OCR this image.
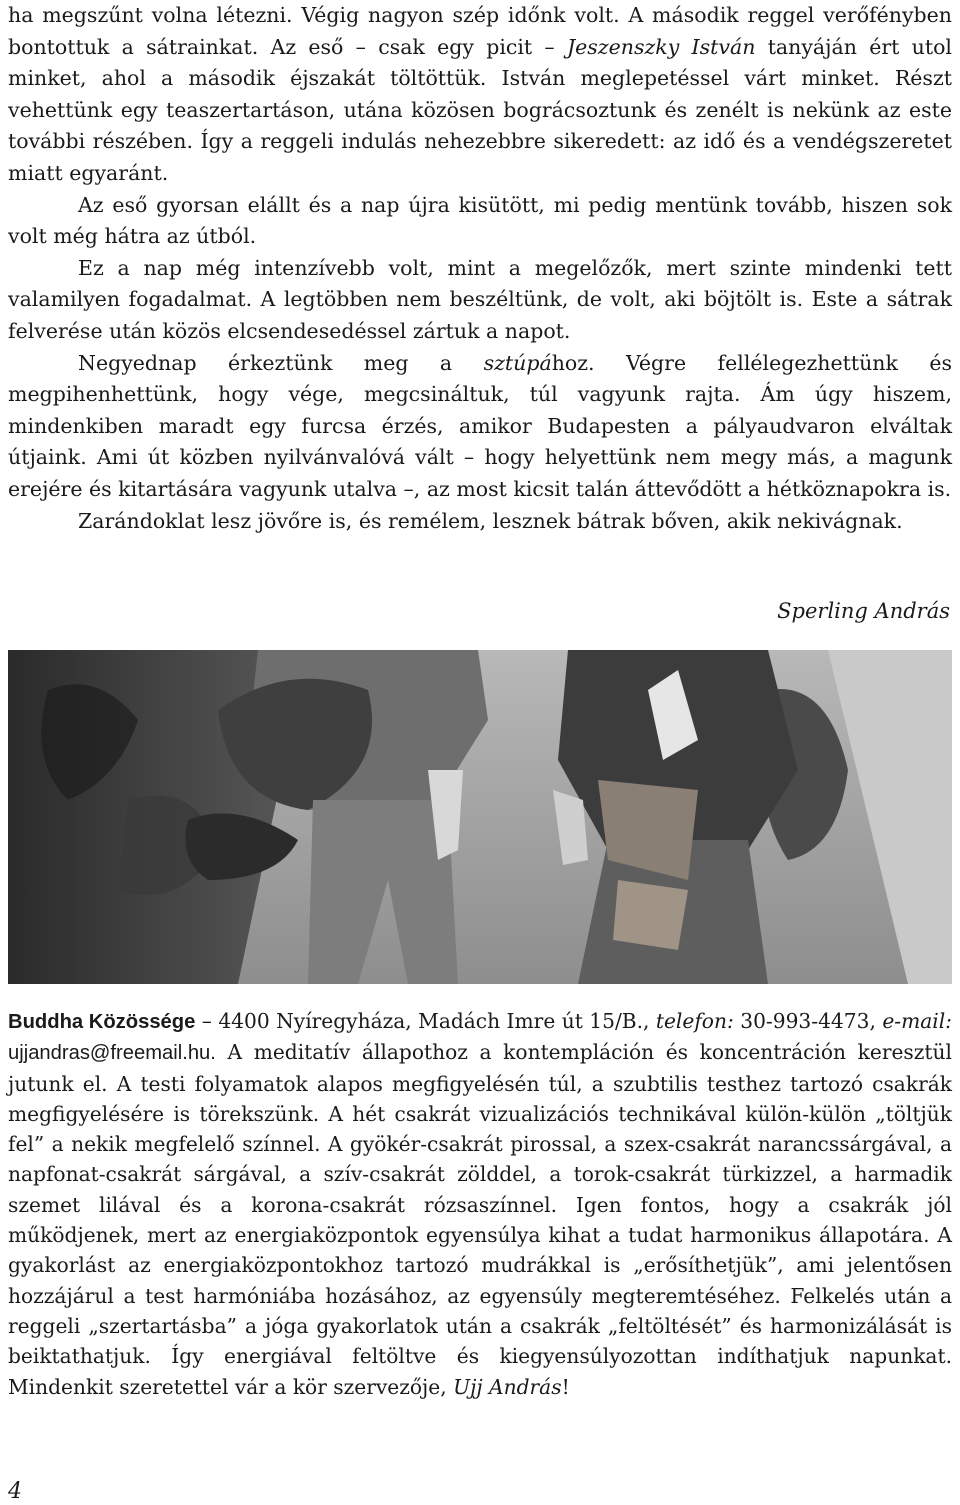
ha megszűnt volna létezni. Végig nagyon szép időnk volt. A második reggel verőfényben bontottuk a sátrainkat. Az eső – csak egy picit – Jeszenszky István tanyáján ért utol minket, ahol a második éjszakát töltöttük. István meglepetéssel várt minket. Részt vehettünk egy teaszertartáson, utána közösen bográcsoztunk és zenélt is nekünk az este további részében. Így a reggeli indulás nehezebbre sikeredett: az idő és a vendégszeretet miatt egyaránt.

Az eső gyorsan elállt és a nap újra kisütött, mi pedig mentünk tovább, hiszen sok volt még hátra az útból.

Ez a nap még intenzívebb volt, mint a megelőzők, mert szinte mindenki tett valamilyen fogadalmat. A legtöbben nem beszéltünk, de volt, aki böjtölt is. Este a sátrak felverése után közös elcsendesedéssel zártuk a napot.

Negyednap érkeztünk meg a sztúpához. Végre fellélegezhettünk és megpihenhettünk, hogy vége, megcsináltuk, túl vagyunk rajta. Ám úgy hiszem, mindenkiben maradt egy furcsa érzés, amikor Budapesten a pályaudvaron elváltak útjaink. Ami út közben nyilvánvalóvá vált – hogy helyettünk nem megy más, a magunk erejére és kitartására vagyunk utalva –, az most kicsit talán áttevődött a hétköznapokra is.

Zarándoklat lesz jövőre is, és remélem, lesznek bátrak bőven, akik nekivágnak.

Sperling András

Buddha Közössége – 4400 Nyíregyháza, Madách Imre út 15/B., telefon: 30-993-4473, e-mail: ujjandras@freemail.hu. A meditatív állapothoz a kontempláción és koncentráción keresztül jutunk el. A testi folyamatok alapos megfigyelésén túl, a szubtilis testhez tartozó csakrák megfigyelésére is törekszünk. A hét csakrát vizualizációs technikával külön-külön „töltjük fel” a nekik megfelelő színnel. A gyökér-csakrát pirossal, a szex-csakrát narancssárgával, a napfonat-csakrát sárgával, a szív-csakrát zölddel, a torok-csakrát türkizzel, a harmadik szemet lilával és a korona-csakrát rózsaszínnel. Igen fontos, hogy a csakrák jól működjenek, mert az energiaközpontok egyensúlya kihat a tudat harmonikus állapotára. A gyakorlást az energiaközpontokhoz tartozó mudrákkal is „erősíthetjük”, ami jelentősen hozzájárul a test harmóniába hozásához, az egyensúly megteremtéséhez. Felkelés után a reggeli „szertartásba” a jóga gyakorlatok után a csakrák „feltöltését” és harmonizálását is beiktathatjuk. Így energiával feltöltve és kiegyensúlyozottan indíthatjuk napunkat. Mindenkit szeretettel vár a kör szervezője, Ujj András!

4
